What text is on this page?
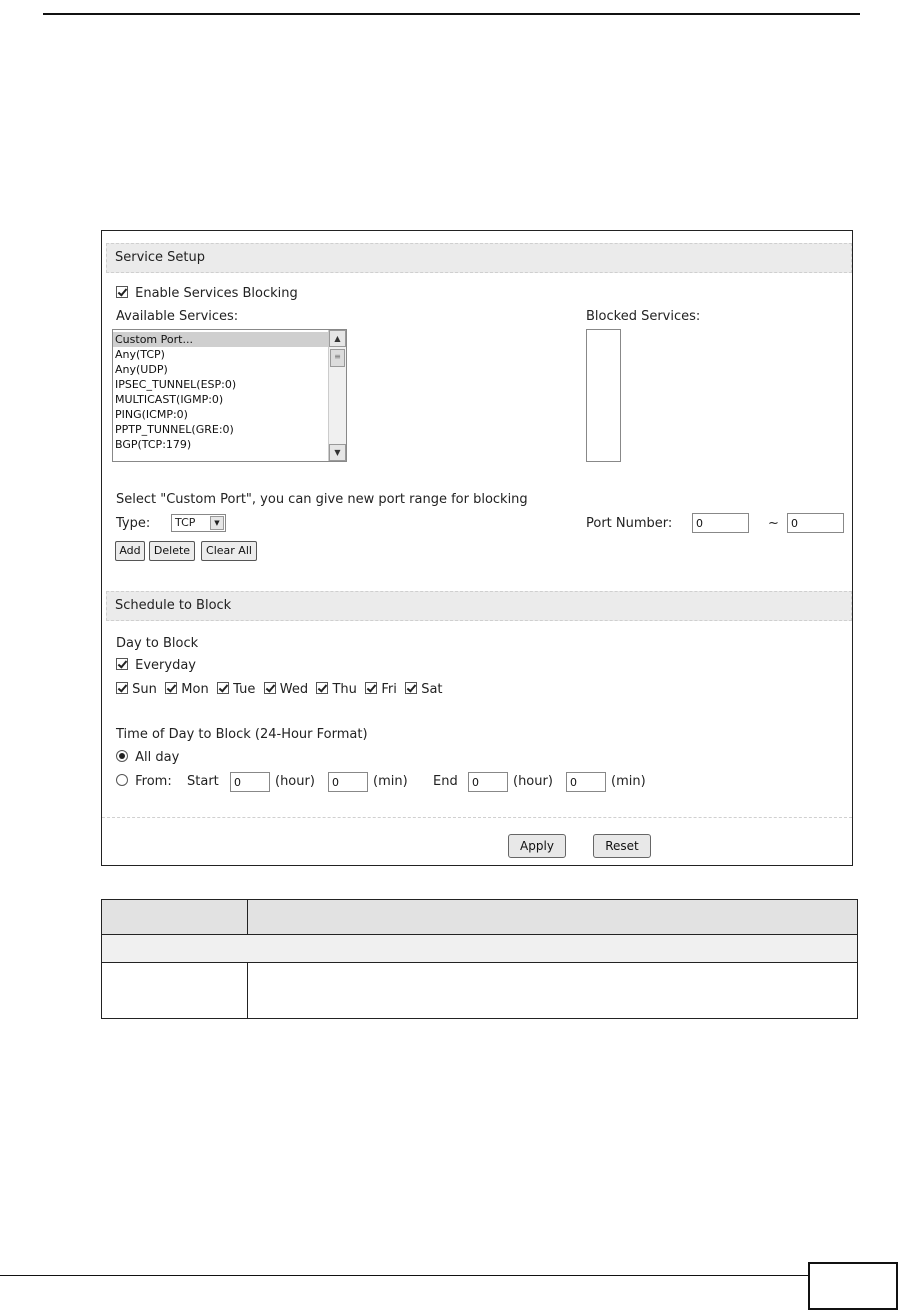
Service Setup
Enable Services Blocking
Available Services:	Blocked Services:
Custom Port...
Any(TCP)
Any(UDP)
IPSEC_TUNNEL(ESP:0)
MULTICAST(IGMP:0)
PING(ICMP:0)
PPTP_TUNNEL(GRE:0)
BGP(TCP:179)
▲
≡
▼
Select "Custom Port", you can give new port range for blocking
Type:	TCP	▼	Port Number:
0	~
0
Add	Delete	Clear All
Schedule to Block
Day to Block
Everyday
Sun Mon Tue Wed Thu Fri Sat
Time of Day to Block (24-Hour Format)
All day
From: Start
0	(hour)
0	(min) End
0	(hour)
0	(min)
Apply	Reset
